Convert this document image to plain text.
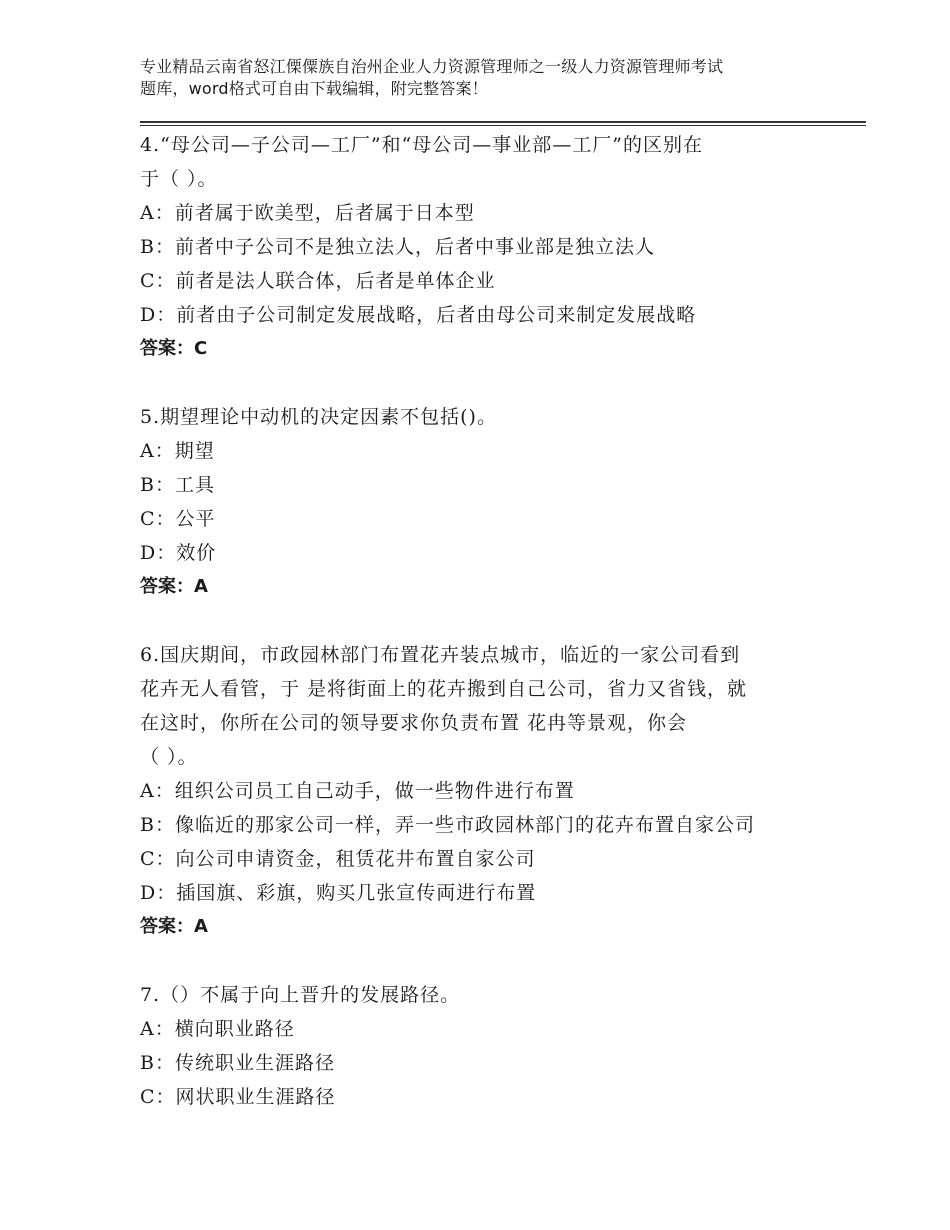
专业精品云南省怒江傈僳族自治州企业人力资源管理师之一级人力资源管理师考试
题库，word格式可自由下载编辑，附完整答案！
4.“母公司—子公司—工厂”和“母公司—事业部—工厂”的区别在
于（ ）。
A：前者属于欧美型，后者属于日本型
B：前者中子公司不是独立法人，后者中事业部是独立法人
C：前者是法人联合体，后者是单体企业
D：前者由子公司制定发展战略，后者由母公司来制定发展战略
答案：C
5.期望理论中动机的决定因素不包括()。
A：期望
B：工具
C：公平
D：效价
答案：A
6.国庆期间，市政园林部门布置花卉装点城市，临近的一家公司看到
花卉无人看管，于 是将街面上的花卉搬到自己公司，省力又省钱，就
在这时，你所在公司的领导要求你负责布置 花冉等景观，你会
（ ）。
A：组织公司员工自己动手，做一些物件进行布置
B：像临近的那家公司一样，弄一些市政园林部门的花卉布置自家公司
C：向公司申请资金，租赁花井布置自家公司
D：插国旗、彩旗，购买几张宣传両进行布置
答案：A
7.（）不属于向上晋升的发展路径。
A：横向职业路径
B：传统职业生涯路径
C：网状职业生涯路径
